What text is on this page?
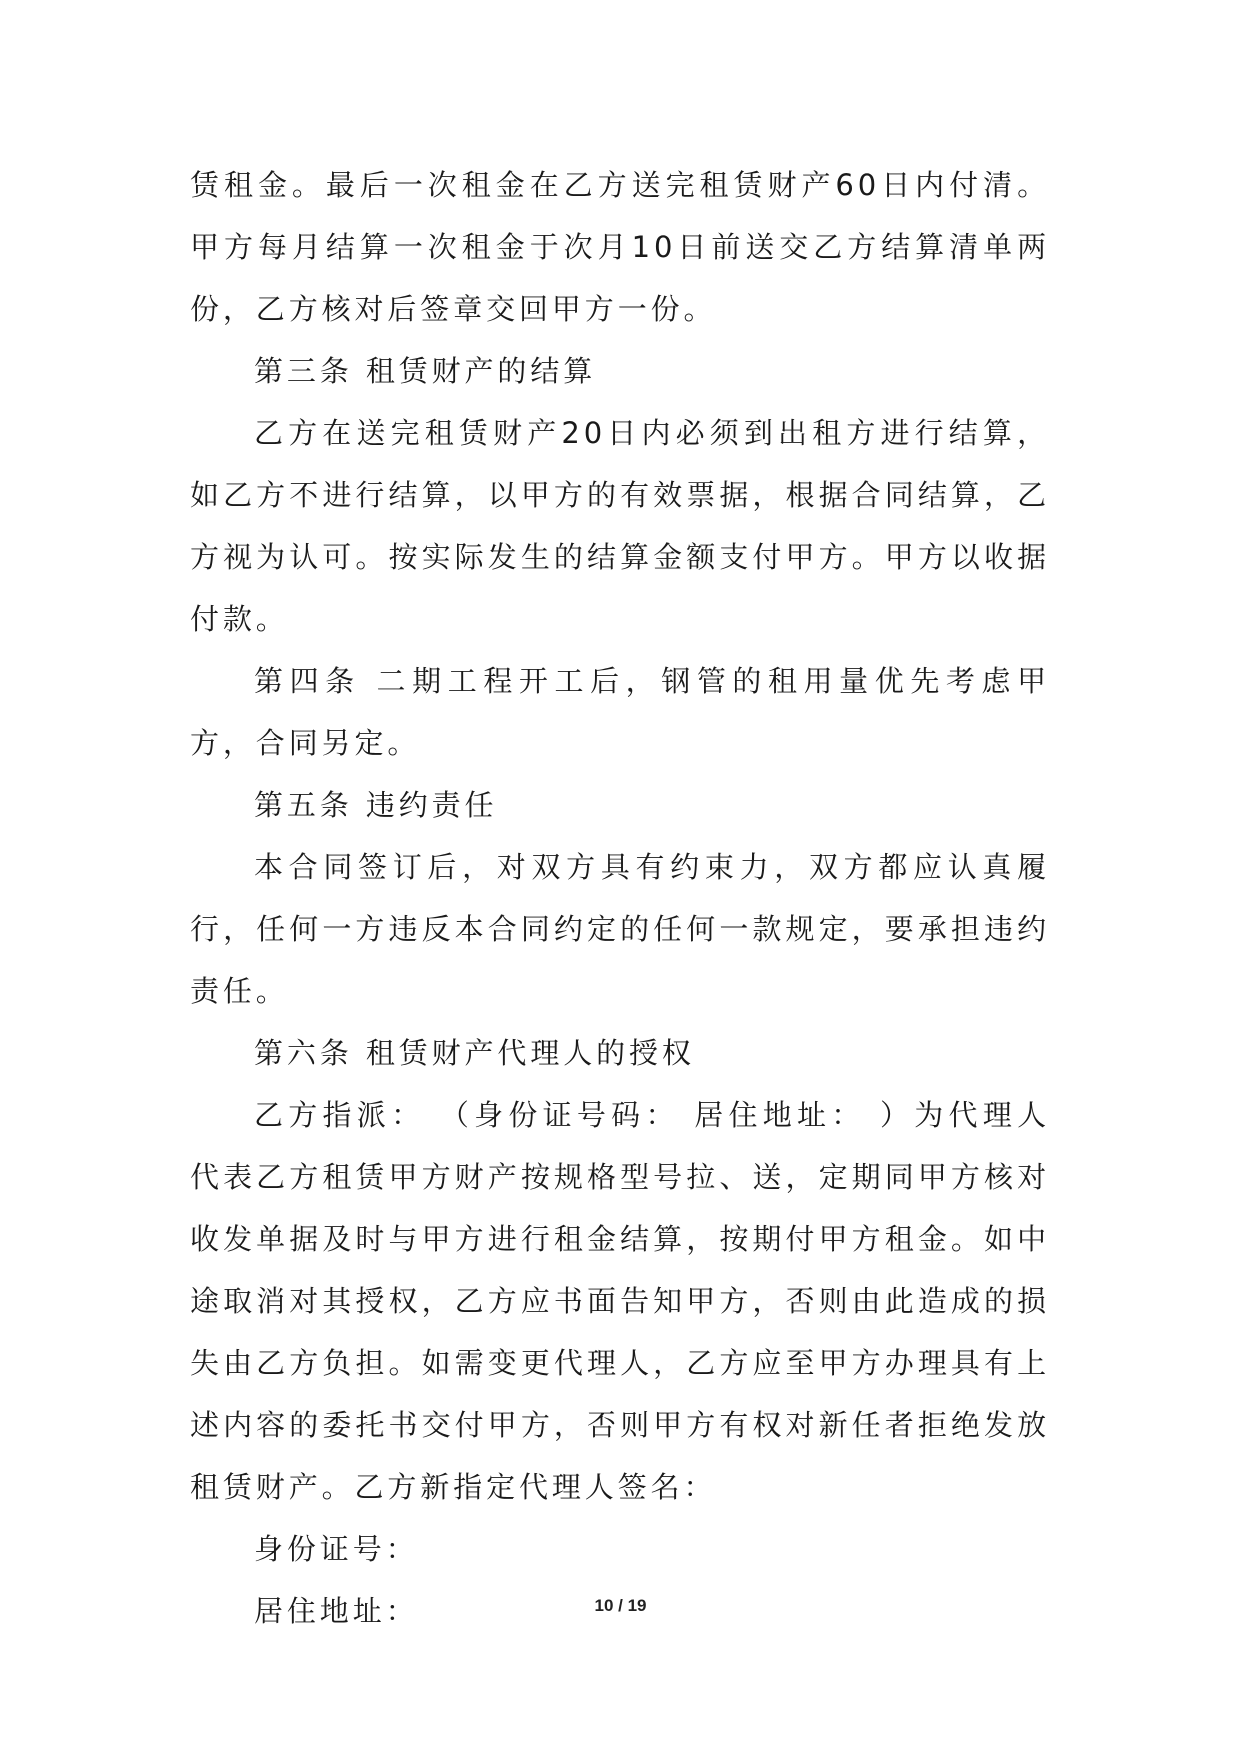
赁租金。最后一次租金在乙方送完租赁财产60日内付清。甲方每月结算一次租金于次月10日前送交乙方结算清单两份，乙方核对后签章交回甲方一份。

第三条 租赁财产的结算

乙方在送完租赁财产20日内必须到出租方进行结算，如乙方不进行结算，以甲方的有效票据，根据合同结算，乙方视为认可。按实际发生的结算金额支付甲方。甲方以收据付款。

第四条 二期工程开工后，钢管的租用量优先考虑甲方，合同另定。

第五条 违约责任

本合同签订后，对双方具有约束力，双方都应认真履行，任何一方违反本合同约定的任何一款规定，要承担违约责任。

第六条 租赁财产代理人的授权

乙方指派： （身份证号码： 居住地址： ）为代理人代表乙方租赁甲方财产按规格型号拉、送，定期同甲方核对收发单据及时与甲方进行租金结算，按期付甲方租金。如中途取消对其授权，乙方应书面告知甲方，否则由此造成的损失由乙方负担。如需变更代理人，乙方应至甲方办理具有上述内容的委托书交付甲方，否则甲方有权对新任者拒绝发放租赁财产。乙方新指定代理人签名：

身份证号：

居住地址：	10 / 19
